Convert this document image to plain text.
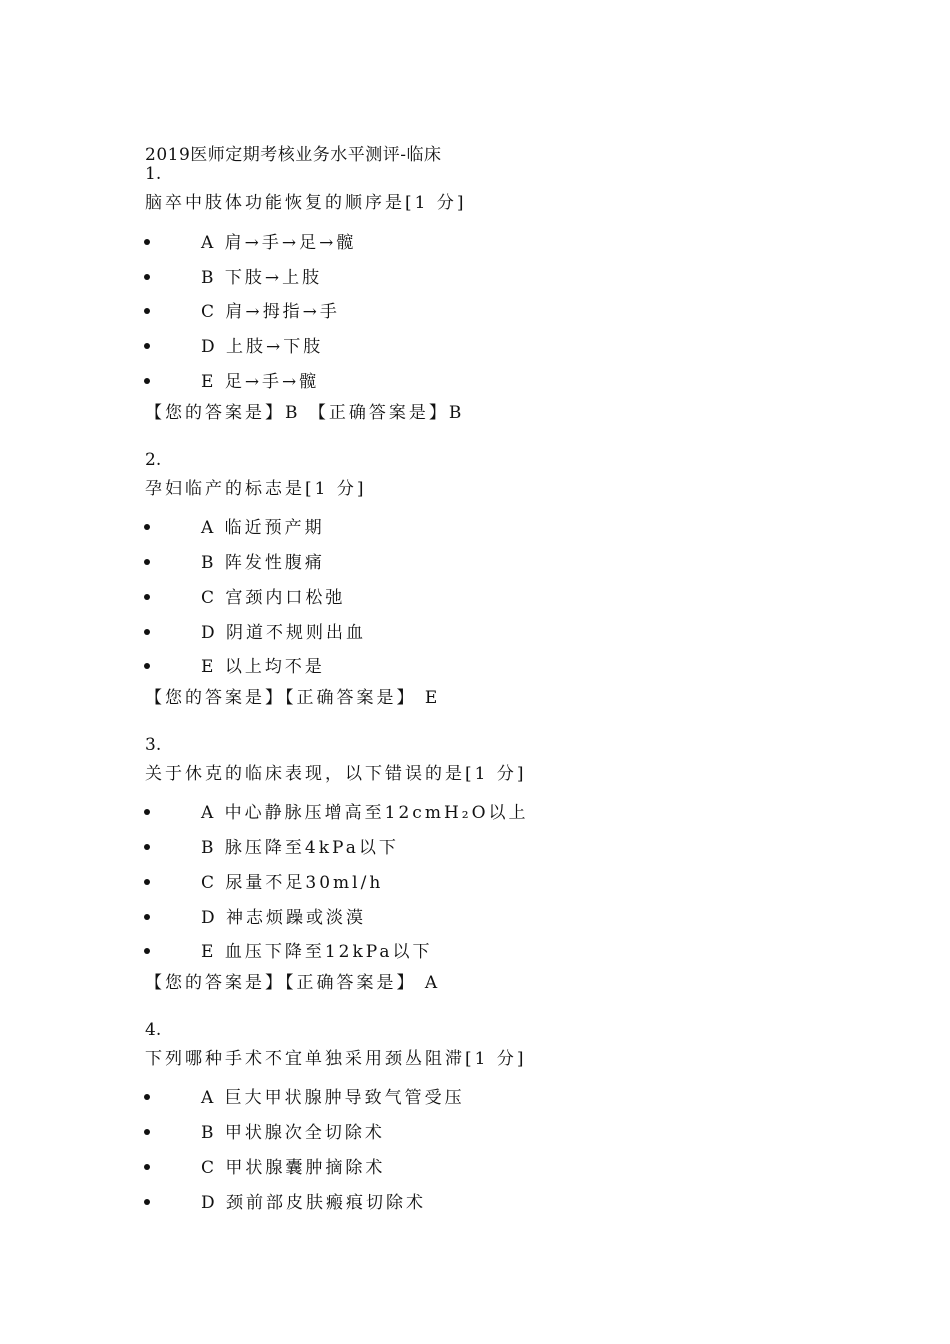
2019医师定期考核业务水平测评-临床
1.
脑卒中肢体功能恢复的顺序是[1 分]
A 肩→手→足→髋
B 下肢→上肢
C 肩→拇指→手
D 上肢→下肢
E 足→手→髋
【您的答案是】B 【正确答案是】B
2.
孕妇临产的标志是[1 分]
A 临近预产期
B 阵发性腹痛
C 宫颈内口松弛
D 阴道不规则出血
E 以上均不是
【您的答案是】【正确答案是】 E
3.
关于休克的临床表现，以下错误的是[1 分]
A 中心静脉压增高至12cmH₂O以上
B 脉压降至4kPa以下
C 尿量不足30ml/h
D 神志烦躁或淡漠
E 血压下降至12kPa以下
【您的答案是】【正确答案是】 A
4.
下列哪种手术不宜单独采用颈丛阻滞[1 分]
A 巨大甲状腺肿导致气管受压
B 甲状腺次全切除术
C 甲状腺囊肿摘除术
D 颈前部皮肤瘢痕切除术
